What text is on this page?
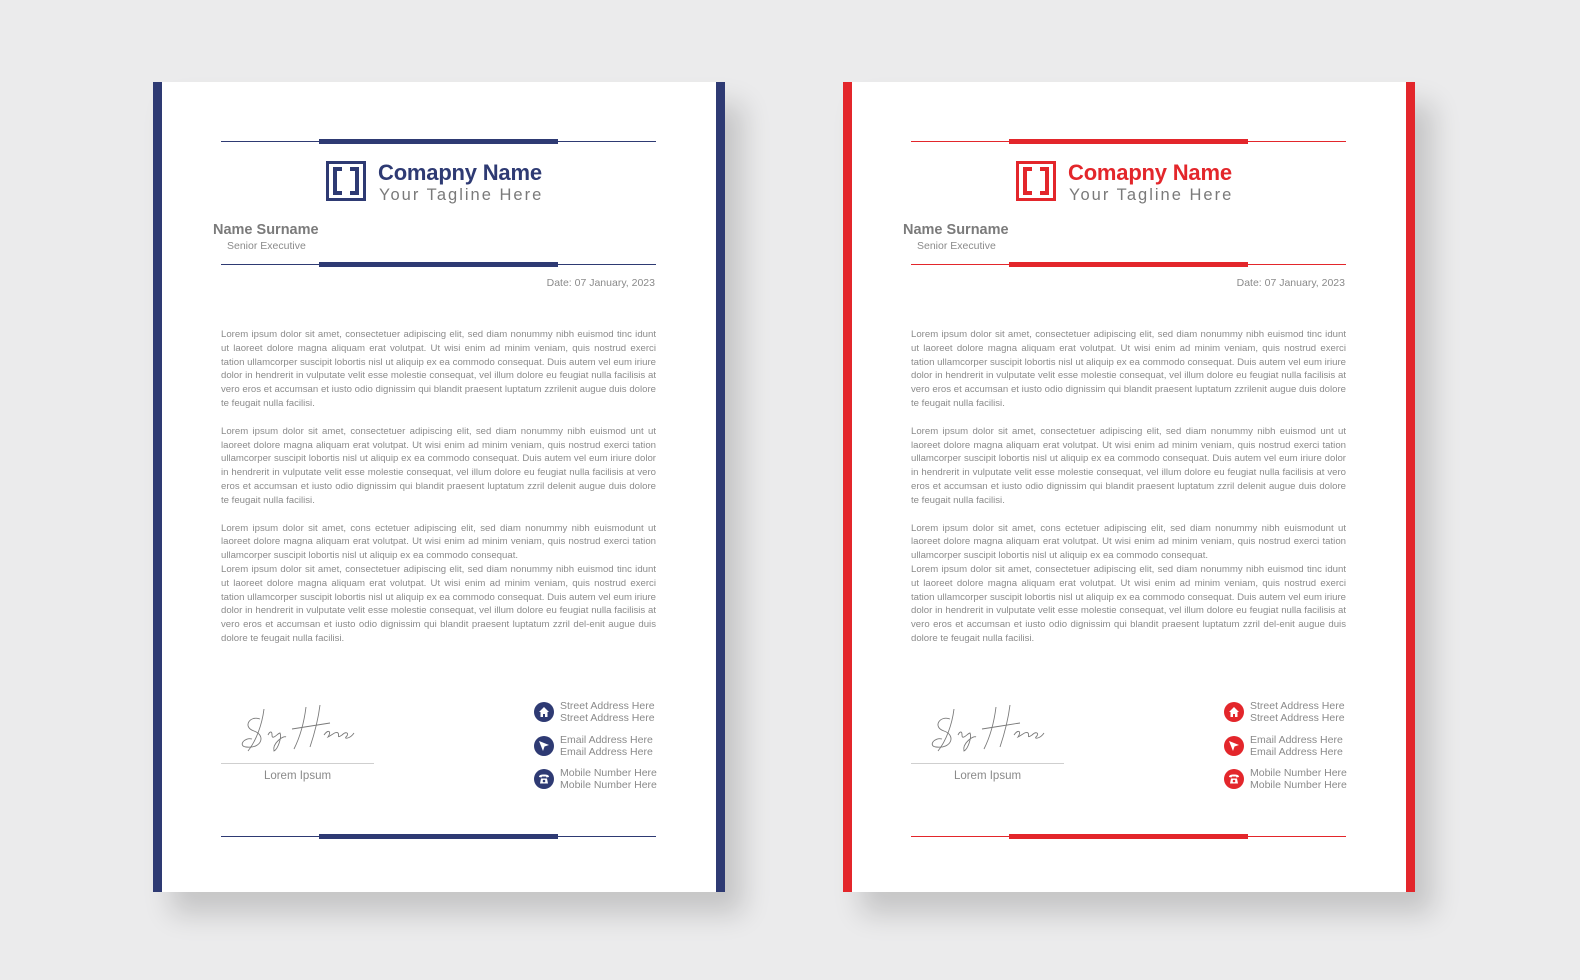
Comapny Name
Your Tagline Here
Name Surname
Senior Executive
Date: 07 January, 2023

Lorem ipsum dolor sit amet, consectetuer adipiscing elit, sed diam nonummy nibh euismod tinc idunt ut laoreet dolore magna aliquam erat volutpat. Ut wisi enim ad minim veniam, quis nostrud exerci tation ullamcorper suscipit lobortis nisl ut aliquip ex ea commodo consequat. Duis autem vel eum iriure dolor in hendrerit in vulputate velit esse molestie consequat, vel illum dolore eu feugiat nulla facilisis at vero eros et accumsan et iusto odio dignissim qui blandit praesent luptatum zzrilenit augue duis dolore te feugait nulla facilisi.

Lorem ipsum dolor sit amet, consectetuer adipiscing elit, sed diam nonummy nibh euismod unt ut laoreet dolore magna aliquam erat volutpat. Ut wisi enim ad minim veniam, quis nostrud exerci tation ullamcorper suscipit lobortis nisl ut aliquip ex ea commodo consequat. Duis autem vel eum iriure dolor in hendrerit in vulputate velit esse molestie consequat, vel illum dolore eu feugiat nulla facilisis at vero eros et accumsan et iusto odio dignissim qui blandit praesent luptatum zzril delenit augue duis dolore te feugait nulla facilisi.

Lorem ipsum dolor sit amet, cons ectetuer adipiscing elit, sed diam nonummy nibh euismodunt ut laoreet dolore magna aliquam erat volutpat. Ut wisi enim ad minim veniam, quis nostrud exerci tation ullamcorper suscipit lobortis nisl ut aliquip ex ea commodo consequat.

Lorem ipsum dolor sit amet, consectetuer adipiscing elit, sed diam nonummy nibh euismod tinc idunt ut laoreet dolore magna aliquam erat volutpat. Ut wisi enim ad minim veniam, quis nostrud exerci tation ullamcorper suscipit lobortis nisl ut aliquip ex ea commodo consequat. Duis autem vel eum iriure dolor in hendrerit in vulputate velit esse molestie consequat, vel illum dolore eu feugiat nulla facilisis at vero eros et accumsan et iusto odio dignissim qui blandit praesent luptatum zzril del-enit augue duis dolore te feugait nulla facilisi.

Lorem Ipsum
Street Address Here
Street Address Here
Email Address Here
Email Address Here
Mobile Number Here
Mobile Number Here
Comapny Name
Your Tagline Here
Name Surname
Senior Executive
Date: 07 January, 2023

Lorem ipsum dolor sit amet, consectetuer adipiscing elit, sed diam nonummy nibh euismod tinc idunt ut laoreet dolore magna aliquam erat volutpat. Ut wisi enim ad minim veniam, quis nostrud exerci tation ullamcorper suscipit lobortis nisl ut aliquip ex ea commodo consequat. Duis autem vel eum iriure dolor in hendrerit in vulputate velit esse molestie consequat, vel illum dolore eu feugiat nulla facilisis at vero eros et accumsan et iusto odio dignissim qui blandit praesent luptatum zzrilenit augue duis dolore te feugait nulla facilisi.

Lorem ipsum dolor sit amet, consectetuer adipiscing elit, sed diam nonummy nibh euismod unt ut laoreet dolore magna aliquam erat volutpat. Ut wisi enim ad minim veniam, quis nostrud exerci tation ullamcorper suscipit lobortis nisl ut aliquip ex ea commodo consequat. Duis autem vel eum iriure dolor in hendrerit in vulputate velit esse molestie consequat, vel illum dolore eu feugiat nulla facilisis at vero eros et accumsan et iusto odio dignissim qui blandit praesent luptatum zzril delenit augue duis dolore te feugait nulla facilisi.

Lorem ipsum dolor sit amet, cons ectetuer adipiscing elit, sed diam nonummy nibh euismodunt ut laoreet dolore magna aliquam erat volutpat. Ut wisi enim ad minim veniam, quis nostrud exerci tation ullamcorper suscipit lobortis nisl ut aliquip ex ea commodo consequat.

Lorem ipsum dolor sit amet, consectetuer adipiscing elit, sed diam nonummy nibh euismod tinc idunt ut laoreet dolore magna aliquam erat volutpat. Ut wisi enim ad minim veniam, quis nostrud exerci tation ullamcorper suscipit lobortis nisl ut aliquip ex ea commodo consequat. Duis autem vel eum iriure dolor in hendrerit in vulputate velit esse molestie consequat, vel illum dolore eu feugiat nulla facilisis at vero eros et accumsan et iusto odio dignissim qui blandit praesent luptatum zzril del-enit augue duis dolore te feugait nulla facilisi.

Lorem Ipsum
Street Address Here
Street Address Here
Email Address Here
Email Address Here
Mobile Number Here
Mobile Number Here
